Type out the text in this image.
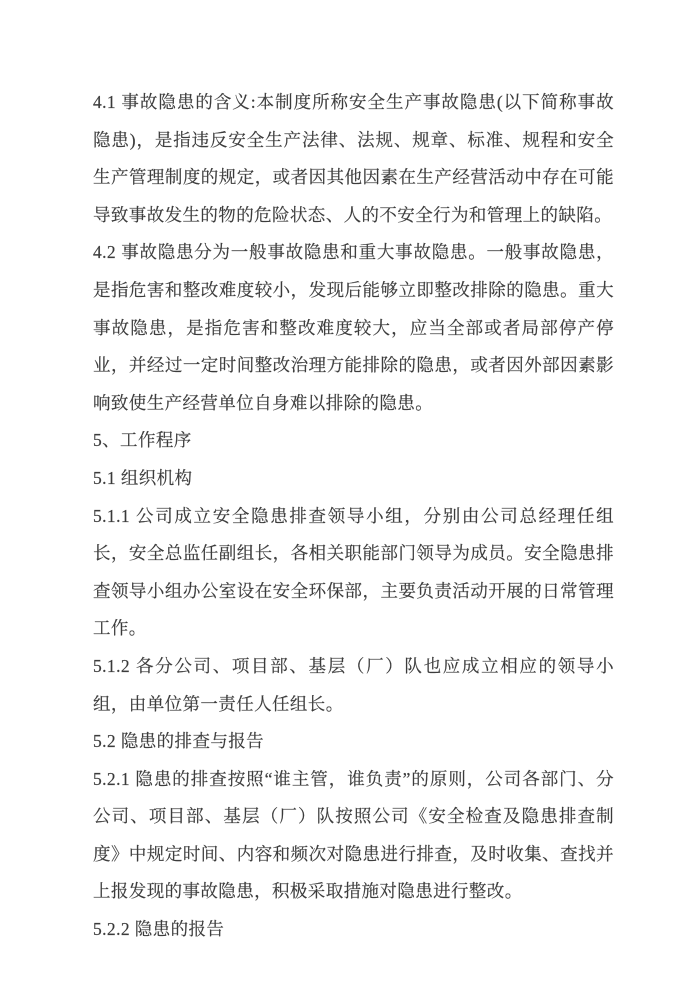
4.1 事故隐患的含义:本制度所称安全生产事故隐患(以下简称事故隐患)，是指违反安全生产法律、法规、规章、标准、规程和安全生产管理制度的规定，或者因其他因素在生产经营活动中存在可能导致事故发生的物的危险状态、人的不安全行为和管理上的缺陷。

4.2 事故隐患分为一般事故隐患和重大事故隐患。一般事故隐患，是指危害和整改难度较小，发现后能够立即整改排除的隐患。重大事故隐患，是指危害和整改难度较大，应当全部或者局部停产停业，并经过一定时间整改治理方能排除的隐患，或者因外部因素影响致使生产经营单位自身难以排除的隐患。

5、工作程序

5.1 组织机构

5.1.1 公司成立安全隐患排查领导小组，分别由公司总经理任组长，安全总监任副组长，各相关职能部门领导为成员。安全隐患排查领导小组办公室设在安全环保部，主要负责活动开展的日常管理工作。

5.1.2 各分公司、项目部、基层（厂）队也应成立相应的领导小组，由单位第一责任人任组长。

5.2 隐患的排查与报告

5.2.1 隐患的排查按照“谁主管，谁负责”的原则，公司各部门、分公司、项目部、基层（厂）队按照公司《安全检查及隐患排查制度》中规定时间、内容和频次对隐患进行排查，及时收集、查找并上报发现的事故隐患，积极采取措施对隐患进行整改。

5.2.2 隐患的报告
